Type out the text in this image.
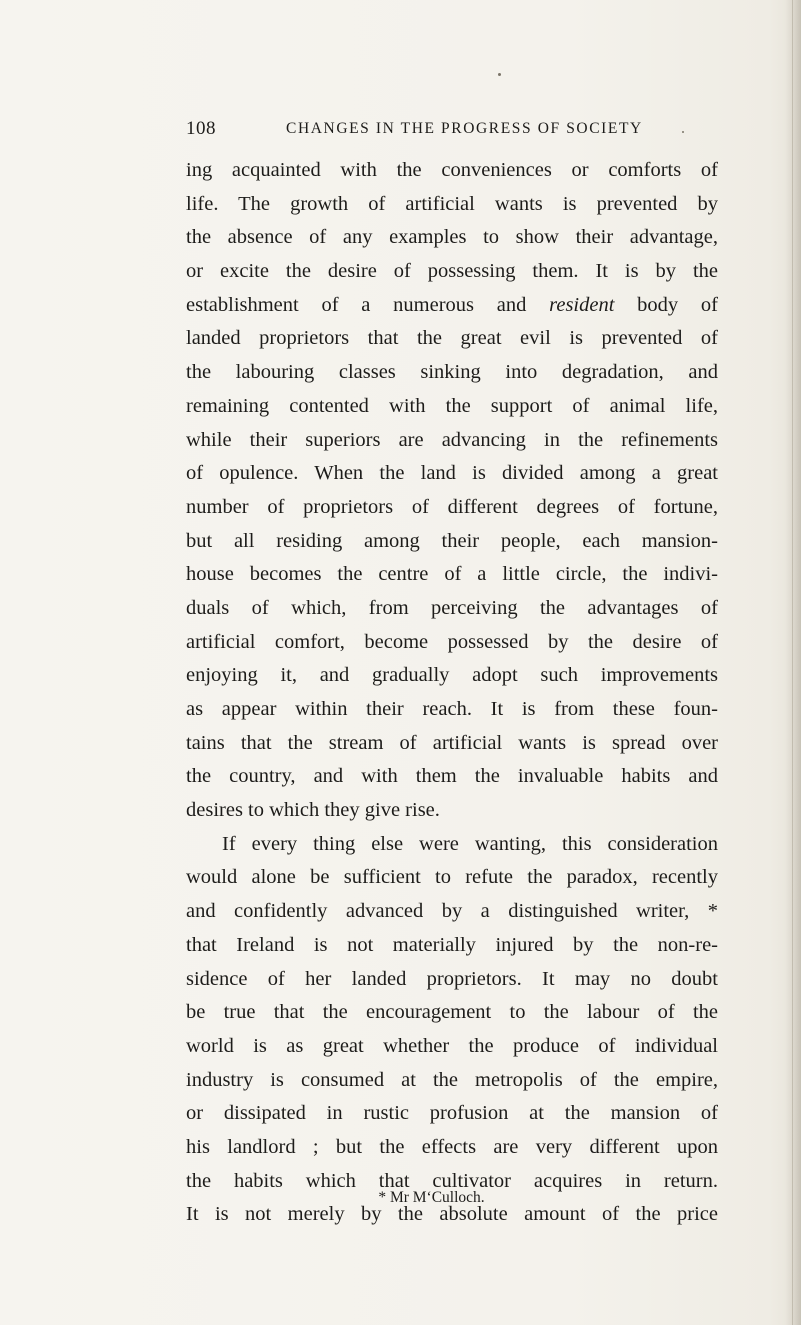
108	CHANGES IN THE PROGRESS OF SOCIETY
ing acquainted with the conveniences or comforts of
life. The growth of artificial wants is prevented by
the absence of any examples to show their advantage,
or excite the desire of possessing them. It is by the
establishment of a numerous and resident body of
landed proprietors that the great evil is prevented of
the labouring classes sinking into degradation, and
remaining contented with the support of animal life,
while their superiors are advancing in the refinements
of opulence. When the land is divided among a great
number of proprietors of different degrees of fortune,
but all residing among their people, each mansion-
house becomes the centre of a little circle, the indivi-
duals of which, from perceiving the advantages of
artificial comfort, become possessed by the desire of
enjoying it, and gradually adopt such improvements
as appear within their reach. It is from these foun-
tains that the stream of artificial wants is spread over
the country, and with them the invaluable habits and
desires to which they give rise.
If every thing else were wanting, this consideration
would alone be sufficient to refute the paradox, recently
and confidently advanced by a distinguished writer, *
that Ireland is not materially injured by the non-re-
sidence of her landed proprietors. It may no doubt
be true that the encouragement to the labour of the
world is as great whether the produce of individual
industry is consumed at the metropolis of the empire,
or dissipated in rustic profusion at the mansion of
his landlord ; but the effects are very different upon
the habits which that cultivator acquires in return.
It is not merely by the absolute amount of the price
* Mr M‘Culloch.
